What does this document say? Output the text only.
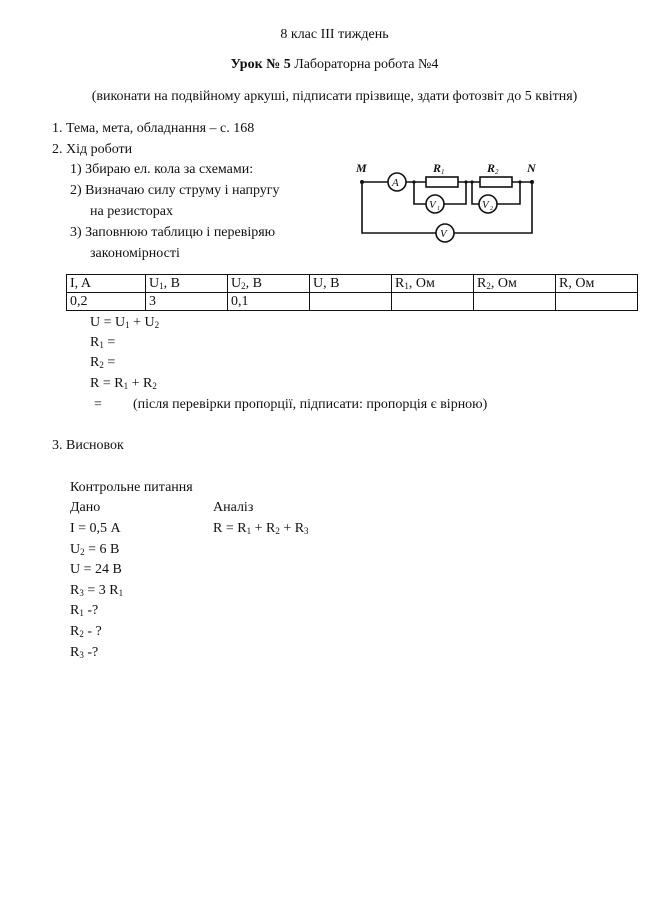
8 клас ІІІ тиждень
Урок № 5 Лабораторна робота №4
(виконати на подвійному аркуші, підписати прізвище, здати фотозвіт до 5 квітня)
1. Тема, мета, обладнання – с. 168
2. Хід роботи
1) Збираю ел. кола за схемами:
2) Визначаю силу струму і напругу
на резисторах
3) Заповнюю таблицю і перевіряю
закономірності
M	N
A
R 1	R 2
V 1	V 2
V
I, A	$U_1$, B	$U_2$, B	U, B	$R_1$, Ом	$R_2$, Ом	R, Ом
0,2	3	0,1				
$U = U_1 + U_2$
$R_1$ =
$R_2$ =
$R = R_1 + R_2$
= (після перевірки пропорції, підписати: пропорція є вірною)
3. Висновок
Контрольне питання
Дано	Аналіз
I = 0,5 А	$R = R_1 + R_2 + R_3$
$U_2 = 6$ В
U = 24 В
$R_3 = 3$ $R_1$
$R_1$ -?
$R_2$ - ?
$R_3$ -?
